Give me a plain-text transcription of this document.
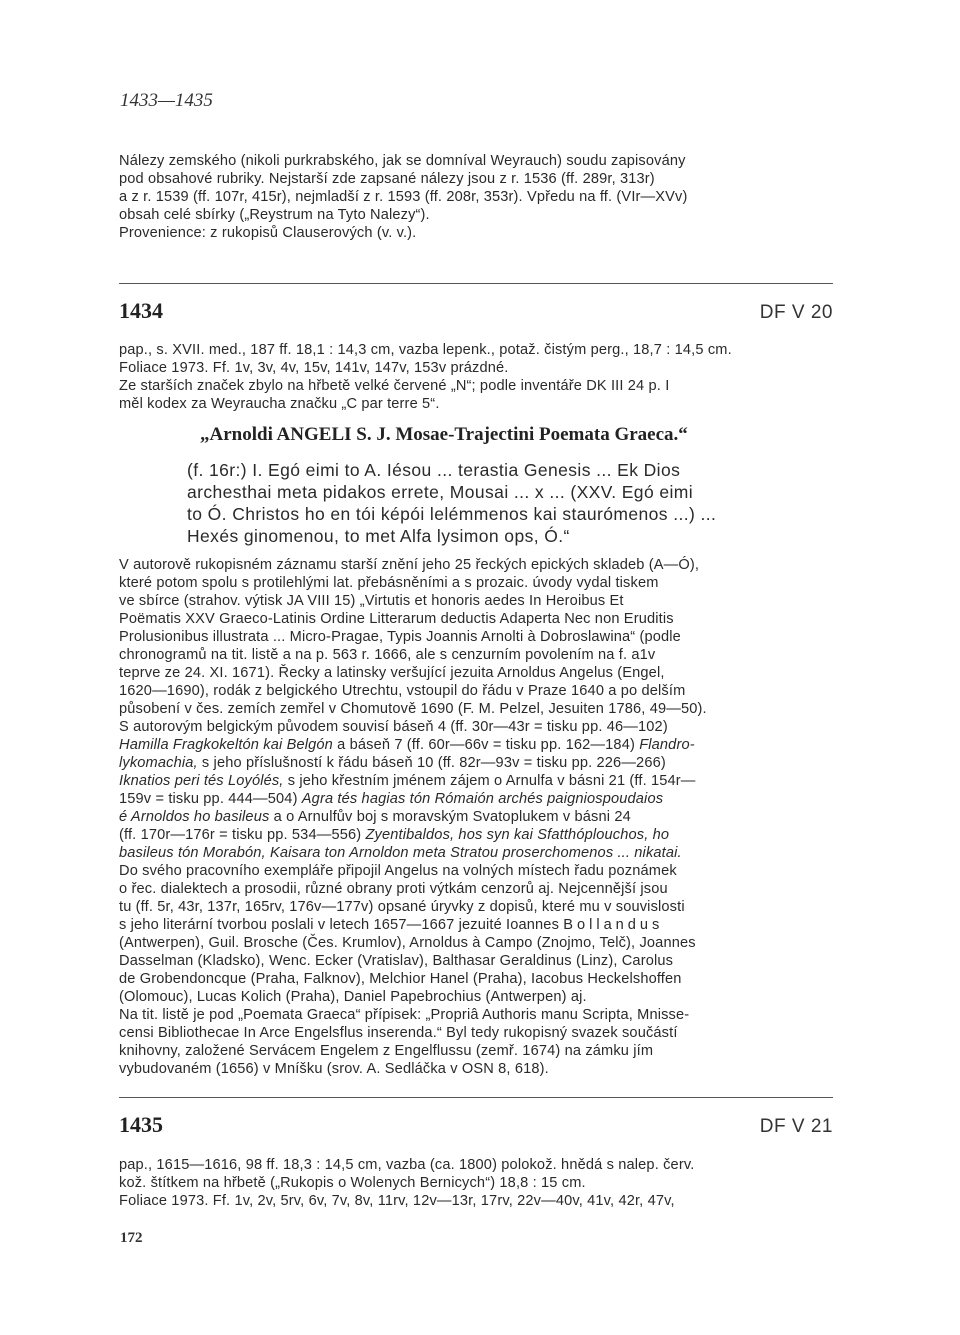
1433—1435

Nálezy zemského (nikoli purkrabského, jak se domníval Weyrauch) soudu zapisovány

pod obsahové rubriky. Nejstarší zde zapsané nálezy jsou z r. 1536 (ff. 289r, 313r)

a z r. 1539 (ff. 107r, 415r), nejmladší z r. 1593 (ff. 208r, 353r). Vpředu na ff. (VIr—XVv)

obsah celé sbírky („Reystrum na Tyto Nalezy“).

Provenience: z rukopisů Clauserových (v. v.).

1434	DF V 20

pap., s. XVII. med., 187 ff. 18,1 : 14,3 cm, vazba lepenk., potaž. čistým perg., 18,7 : 14,5 cm.

Foliace 1973. Ff. 1v, 3v, 4v, 15v, 141v, 147v, 153v prázdné.

Ze starších značek zbylo na hřbetě velké červené „N“; podle inventáře DK III 24 p. I

měl kodex za Weyraucha značku „C par terre 5“.

„Arnoldi ANGELI S. J. Mosae-Trajectini Poemata Graeca.“

(f. 16r:) I. Egó eimi to A. Iésou ... terastia Genesis ... Ek Dios

archesthai meta pidakos errete, Mousai ... x ... (XXV. Egó eimi

to Ó. Christos ho en tói képói lelémmenos kai staurómenos ...) ...

Hexés ginomenou, to met Alfa lysimon ops, Ó.“

V autorově rukopisném záznamu starší znění jeho 25 řeckých epických skladeb (A—Ó),

které potom spolu s protilehlými lat. přebásněními a s prozaic. úvody vydal tiskem

ve sbírce (strahov. výtisk JA VIII 15) „Virtutis et honoris aedes In Heroibus Et

Poëmatis XXV Graeco-Latinis Ordine Litterarum deductis Adaperta Nec non Eruditis

Prolusionibus illustrata ... Micro-Pragae, Typis Joannis Arnolti à Dobroslawina“ (podle

chronogramů na tit. listě a na p. 563 r. 1666, ale s cenzurním povolením na f. a1v

teprve ze 24. XI. 1671). Řecky a latinsky veršující jezuita Arnoldus Angelus (Engel,

1620—1690), rodák z belgického Utrechtu, vstoupil do řádu v Praze 1640 a po delším

působení v čes. zemích zemřel v Chomutově 1690 (F. M. Pelzel, Jesuiten 1786, 49—50).

S autorovým belgickým původem souvisí báseň 4 (ff. 30r—43r = tisku pp. 46—102)

Hamilla Fragkokeltón kai Belgón a báseň 7 (ff. 60r—66v = tisku pp. 162—184) Flandro-

lykomachia, s jeho příslušností k řádu báseň 10 (ff. 82r—93v = tisku pp. 226—266)

Iknatios peri tés Loyólés, s jeho křestním jménem zájem o Arnulfa v básni 21 (ff. 154r—

159v = tisku pp. 444—504) Agra tés hagias tón Rómaión archés paigniospoudaios

é Arnoldos ho basileus a o Arnulfův boj s moravským Svatoplukem v básni 24

(ff. 170r—176r = tisku pp. 534—556) Zyentibaldos, hos syn kai Sfatthóplouchos, ho

basileus tón Morabón, Kaisara ton Arnoldon meta Stratou proserchomenos ... nikatai.

Do svého pracovního exempláře připojil Angelus na volných místech řadu poznámek

o řec. dialektech a prosodii, různé obrany proti výtkám cenzorů aj. Nejcennější jsou

tu (ff. 5r, 43r, 137r, 165rv, 176v—177v) opsané úryvky z dopisů, které mu v souvislosti

s jeho literární tvorbou poslali v letech 1657—1667 jezuité Ioannes Bollandus

(Antwerpen), Guil. Brosche (Čes. Krumlov), Arnoldus à Campo (Znojmo, Telč), Joannes

Dasselman (Kladsko), Wenc. Ecker (Vratislav), Balthasar Geraldinus (Linz), Carolus

de Grobendoncque (Praha, Falknov), Melchior Hanel (Praha), Iacobus Heckelshoffen

(Olomouc), Lucas Kolich (Praha), Daniel Papebrochius (Antwerpen) aj.

Na tit. listě je pod „Poemata Graeca“ přípisek: „Propriâ Authoris manu Scripta, Mnisse-

censi Bibliothecae In Arce Engelsflus inserenda.“ Byl tedy rukopisný svazek součástí

knihovny, založené Servácem Engelem z Engelflussu (zemř. 1674) na zámku jím

vybudovaném (1656) v Mníšku (srov. A. Sedláčka v OSN 8, 618).

1435	DF V 21

pap., 1615—1616, 98 ff. 18,3 : 14,5 cm, vazba (ca. 1800) polokož. hnědá s nalep. červ.

kož. štítkem na hřbetě („Rukopis o Wolenych Bernicych“) 18,8 : 15 cm.

Foliace 1973. Ff. 1v, 2v, 5rv, 6v, 7v, 8v, 11rv, 12v—13r, 17rv, 22v—40v, 41v, 42r, 47v,

172
